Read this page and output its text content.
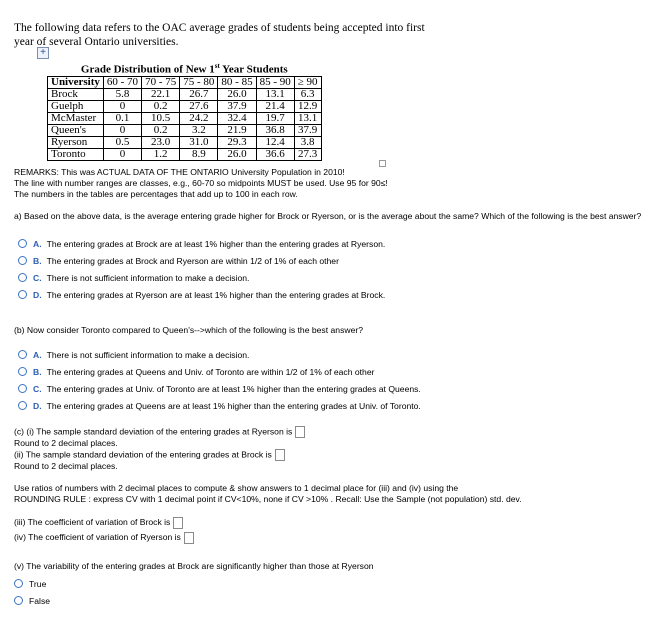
The following data refers to the OAC average grades of students being accepted into first year of several Ontario universities.
+
Grade Distribution of New 1st Year Students						
University	60 - 70	70 - 75	75 - 80	80 - 85	85 - 90	≥ 90
Brock	5.8	22.1	26.7	26.0	13.1	6.3
Guelph	0	0.2	27.6	37.9	21.4	12.9
McMaster	0.1	10.5	24.2	32.4	19.7	13.1
Queen's	0	0.2	3.2	21.9	36.8	37.9
Ryerson	0.5	23.0	31.0	29.3	12.4	3.8
Toronto	0	1.2	8.9	26.0	36.6	27.3
REMARKS: This was ACTUAL DATA OF THE ONTARIO University Population in 2010!
The line with number ranges are classes, e.g., 60-70 so midpoints MUST be used. Use 95 for 90≤!
The numbers in the tables are percentages that add up to 100 in each row.
a) Based on the above data, is the average entering grade higher for Brock or Ryerson, or is the average about the same? Which of the following is the best answer?
A. The entering grades at Brock are at least 1% higher than the entering grades at Ryerson.
B. The entering grades at Brock and Ryerson are within 1/2 of 1% of each other
C. There is not sufficient information to make a decision.
D. The entering grades at Ryerson are at least 1% higher than the entering grades at Brock.
(b) Now consider Toronto compared to Queen's-->which of the following is the best answer?
A. There is not sufficient information to make a decision.
B. The entering grades at Queens and Univ. of Toronto are within 1/2 of 1% of each other
C. The entering grades at Univ. of Toronto are at least 1% higher than the entering grades at Queens.
D. The entering grades at Queens are at least 1% higher than the entering grades at Univ. of Toronto.
(c) (i) The sample standard deviation of the entering grades at Ryerson is
Round to 2 decimal places.
(ii) The sample standard deviation of the entering grades at Brock is
Round to 2 decimal places.
Use ratios of numbers with 2 decimal places to compute & show answers to 1 decimal place for (iii) and (iv) using the
ROUNDING RULE : express CV with 1 decimal point if CV<10%, none if CV >10% . Recall: Use the Sample (not population) std. dev.
(iii) The coefficient of variation of Brock is
(iv) The coefficient of variation of Ryerson is
(v) The variability of the entering grades at Brock are significantly higher than those at Ryerson
True
False
